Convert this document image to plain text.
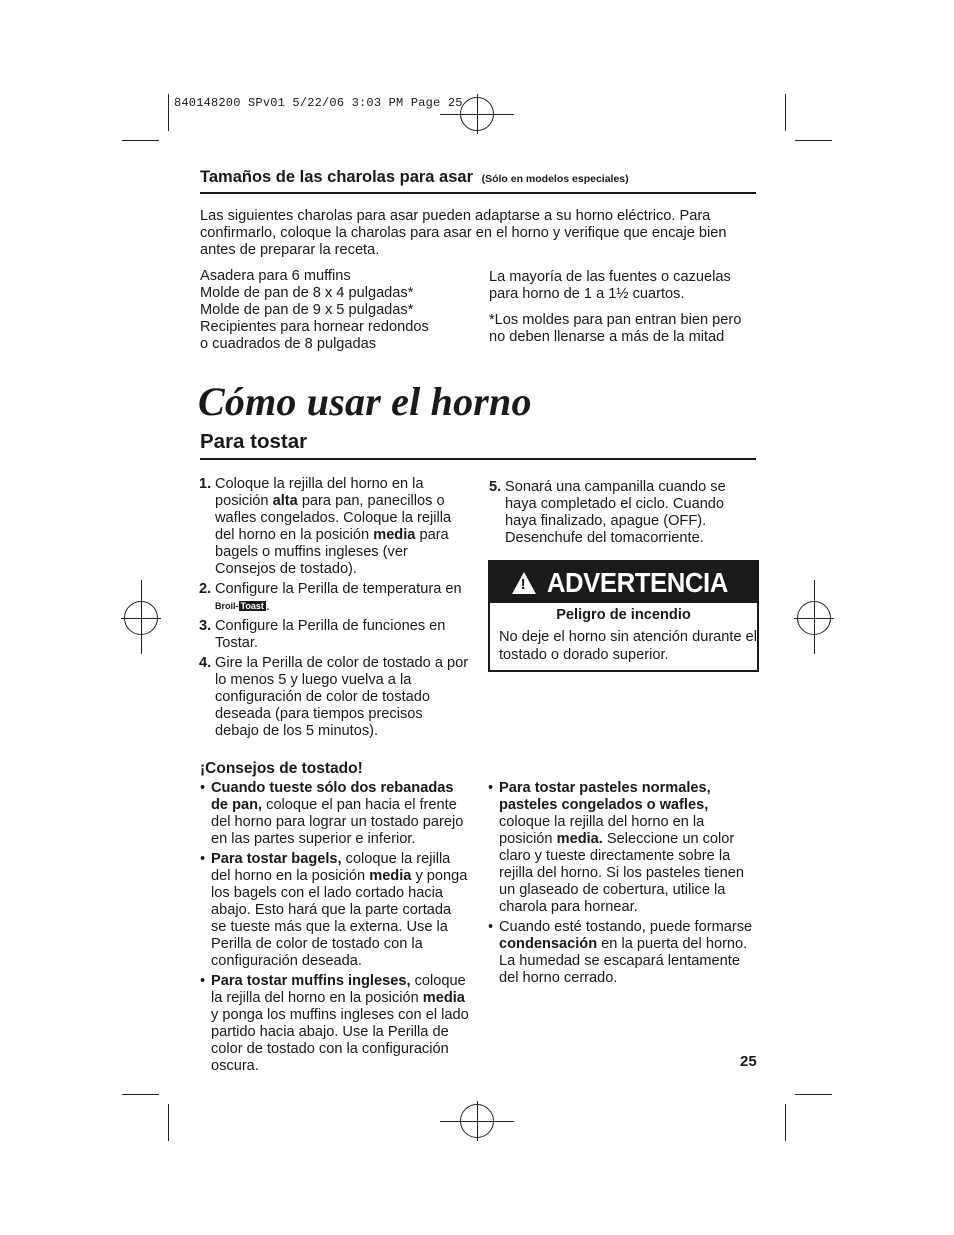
840148200 SPv01 5/22/06 3:03 PM Page 25
Tamaños de las charolas para asar (Sólo en modelos especiales)
Las siguientes charolas para asar pueden adaptarse a su horno eléctrico. Para confirmarlo, coloque la charolas para asar en el horno y verifique que encaje bien antes de preparar la receta.

Asadera para 6 muffins

Molde de pan de 8 x 4 pulgadas*

Molde de pan de 9 x 5 pulgadas*

Recipientes para hornear redondos

o cuadrados de 8 pulgadas

La mayoría de las fuentes o cazuelas para horno de 1 a 1½ cuartos.

*Los moldes para pan entran bien pero no deben llenarse a más de la mitad

Cómo usar el horno
Para tostar
1. Coloque la rejilla del horno en la posición alta para pan, panecillos o wafles congelados. Coloque la rejilla del horno en la posición media para bagels o muffins ingleses (ver Consejos de tostado).
2. Configure la Perilla de temperatura en Broil- Toast .
3. Configure la Perilla de funciones en Tostar.
4. Gire la Perilla de color de tostado a por lo menos 5 y luego vuelva a la configuración de color de tostado deseada (para tiempos precisos debajo de los 5 minutos).
5. Sonará una campanilla cuando se haya completado el ciclo. Cuando haya finalizado, apague (OFF). Desenchufe del tomacorriente.
! ADVERTENCIA
Peligro de incendio
No deje el horno sin atención durante el tostado o dorado superior.
¡Consejos de tostado!
• Cuando tueste sólo dos rebanadas de pan, coloque el pan hacia el frente del horno para lograr un tostado parejo en las partes superior e inferior.
• Para tostar bagels, coloque la rejilla del horno en la posición media y ponga los bagels con el lado cortado hacia abajo. Esto hará que la parte cortada se tueste más que la externa. Use la Perilla de color de tostado con la configuración deseada.
• Para tostar muffins ingleses, coloque la rejilla del horno en la posición media y ponga los muffins ingleses con el lado partido hacia abajo. Use la Perilla de color de tostado con la configuración oscura.
• Para tostar pasteles normales, pasteles congelados o wafles, coloque la rejilla del horno en la posición media. Seleccione un color claro y tueste directamente sobre la rejilla del horno. Si los pasteles tienen un glaseado de cobertura, utilice la charola para hornear.
• Cuando esté tostando, puede formarse condensación en la puerta del horno. La humedad se escapará lentamente del horno cerrado.
25
